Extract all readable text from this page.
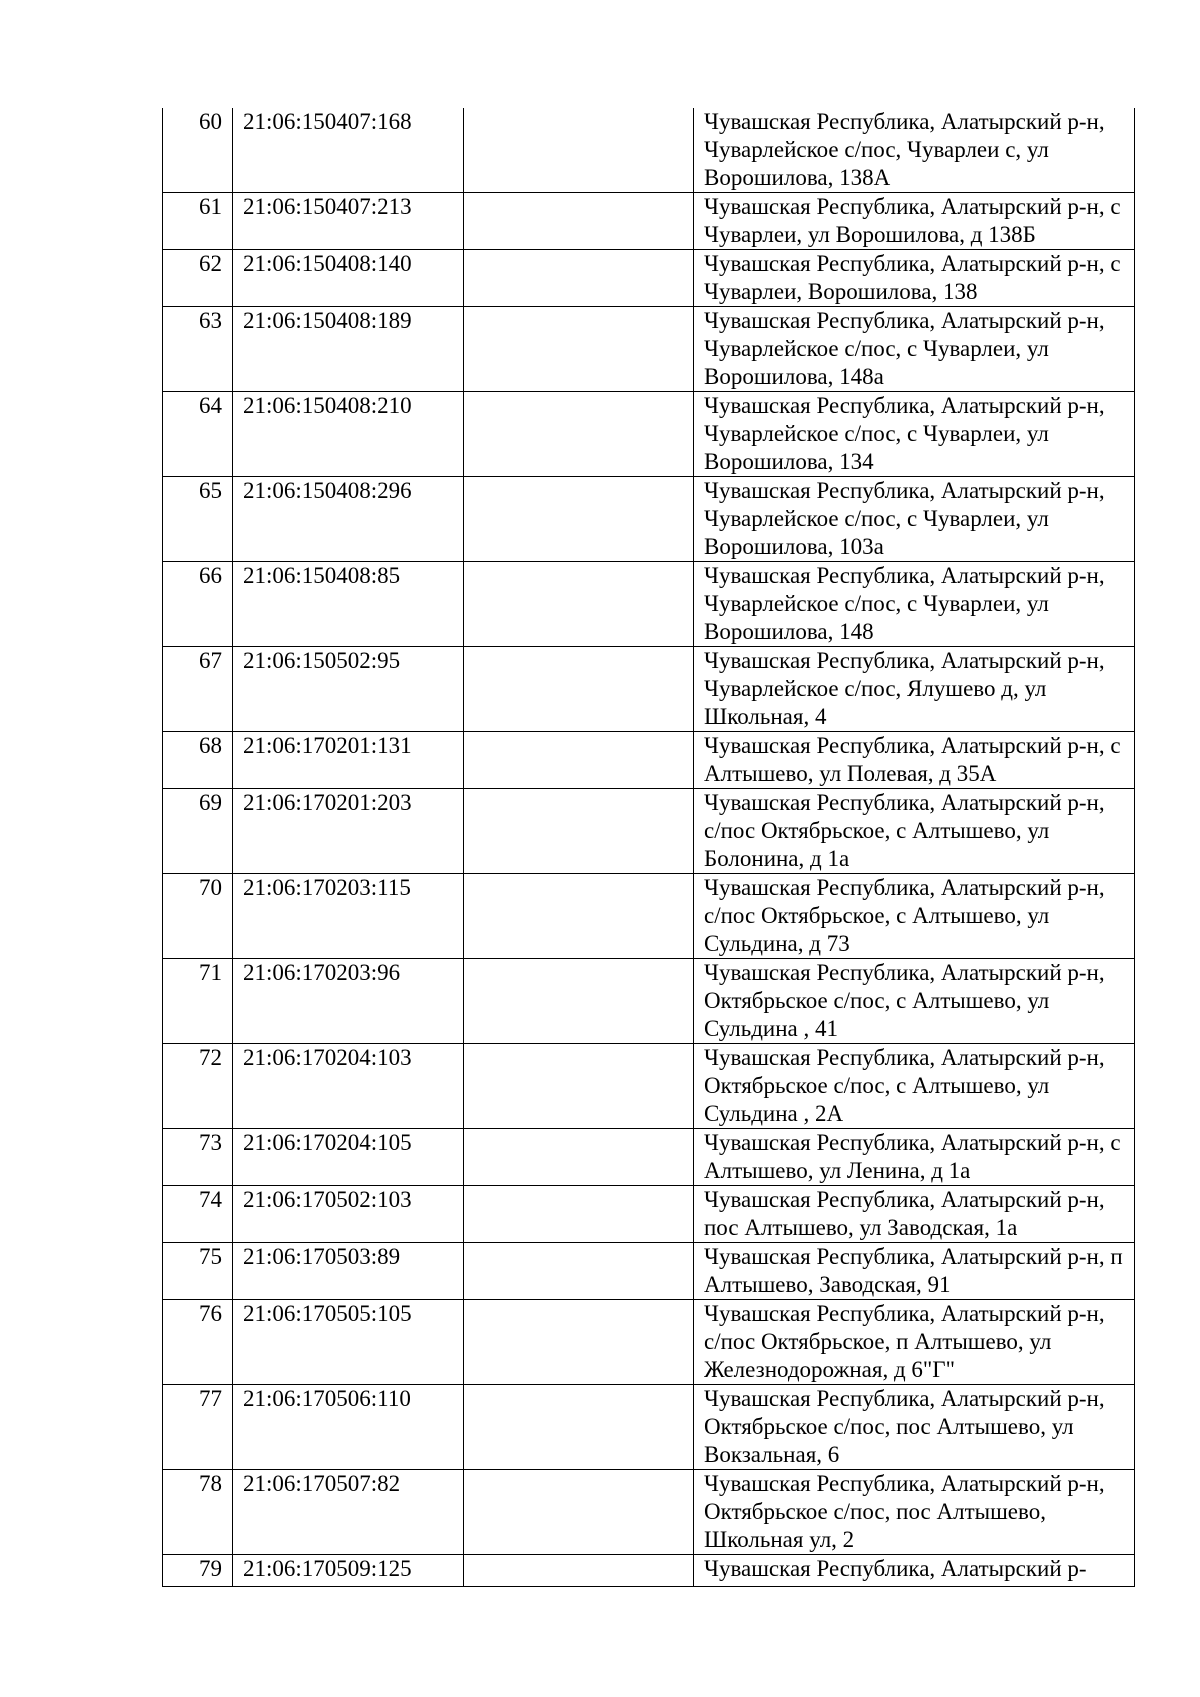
60	21:06:150407:168		Чувашская Республика, Алатырский р-н, Чуварлейское с/пос, Чуварлеи с, ул Ворошилова, 138А
61	21:06:150407:213		Чувашская Республика, Алатырский р-н, с Чуварлеи, ул Ворошилова, д 138Б
62	21:06:150408:140		Чувашская Республика, Алатырский р-н, с Чуварлеи, Ворошилова, 138
63	21:06:150408:189		Чувашская Республика, Алатырский р-н, Чуварлейское с/пос, с Чуварлеи, ул Ворошилова, 148а
64	21:06:150408:210		Чувашская Республика, Алатырский р-н, Чуварлейское с/пос, с Чуварлеи, ул Ворошилова, 134
65	21:06:150408:296		Чувашская Республика, Алатырский р-н, Чуварлейское с/пос, с Чуварлеи, ул Ворошилова, 103а
66	21:06:150408:85		Чувашская Республика, Алатырский р-н, Чуварлейское с/пос, с Чуварлеи, ул Ворошилова, 148
67	21:06:150502:95		Чувашская Республика, Алатырский р-н, Чуварлейское с/пос, Ялушево д, ул Школьная, 4
68	21:06:170201:131		Чувашская Республика, Алатырский р-н, с Алтышево, ул Полевая, д 35А
69	21:06:170201:203		Чувашская Республика, Алатырский р-н, с/пос Октябрьское, с Алтышево, ул Болонина, д 1а
70	21:06:170203:115		Чувашская Республика, Алатырский р-н, с/пос Октябрьское, с Алтышево, ул Сульдина, д 73
71	21:06:170203:96		Чувашская Республика, Алатырский р-н, Октябрьское с/пос, с Алтышево, ул Сульдина , 41
72	21:06:170204:103		Чувашская Республика, Алатырский р-н, Октябрьское с/пос, с Алтышево, ул Сульдина , 2А
73	21:06:170204:105		Чувашская Республика, Алатырский р-н, с Алтышево, ул Ленина, д 1а
74	21:06:170502:103		Чувашская Республика, Алатырский р-н, пос Алтышево, ул Заводская, 1а
75	21:06:170503:89		Чувашская Республика, Алатырский р-н, п Алтышево, Заводская, 91
76	21:06:170505:105		Чувашская Республика, Алатырский р-н, с/пос Октябрьское, п Алтышево, ул Железнодорожная, д 6"Г"
77	21:06:170506:110		Чувашская Республика, Алатырский р-н, Октябрьское с/пос, пос Алтышево, ул Вокзальная, 6
78	21:06:170507:82		Чувашская Республика, Алатырский р-н, Октябрьское с/пос, пос Алтышево, Школьная ул, 2
79	21:06:170509:125		Чувашская Республика, Алатырский р-
